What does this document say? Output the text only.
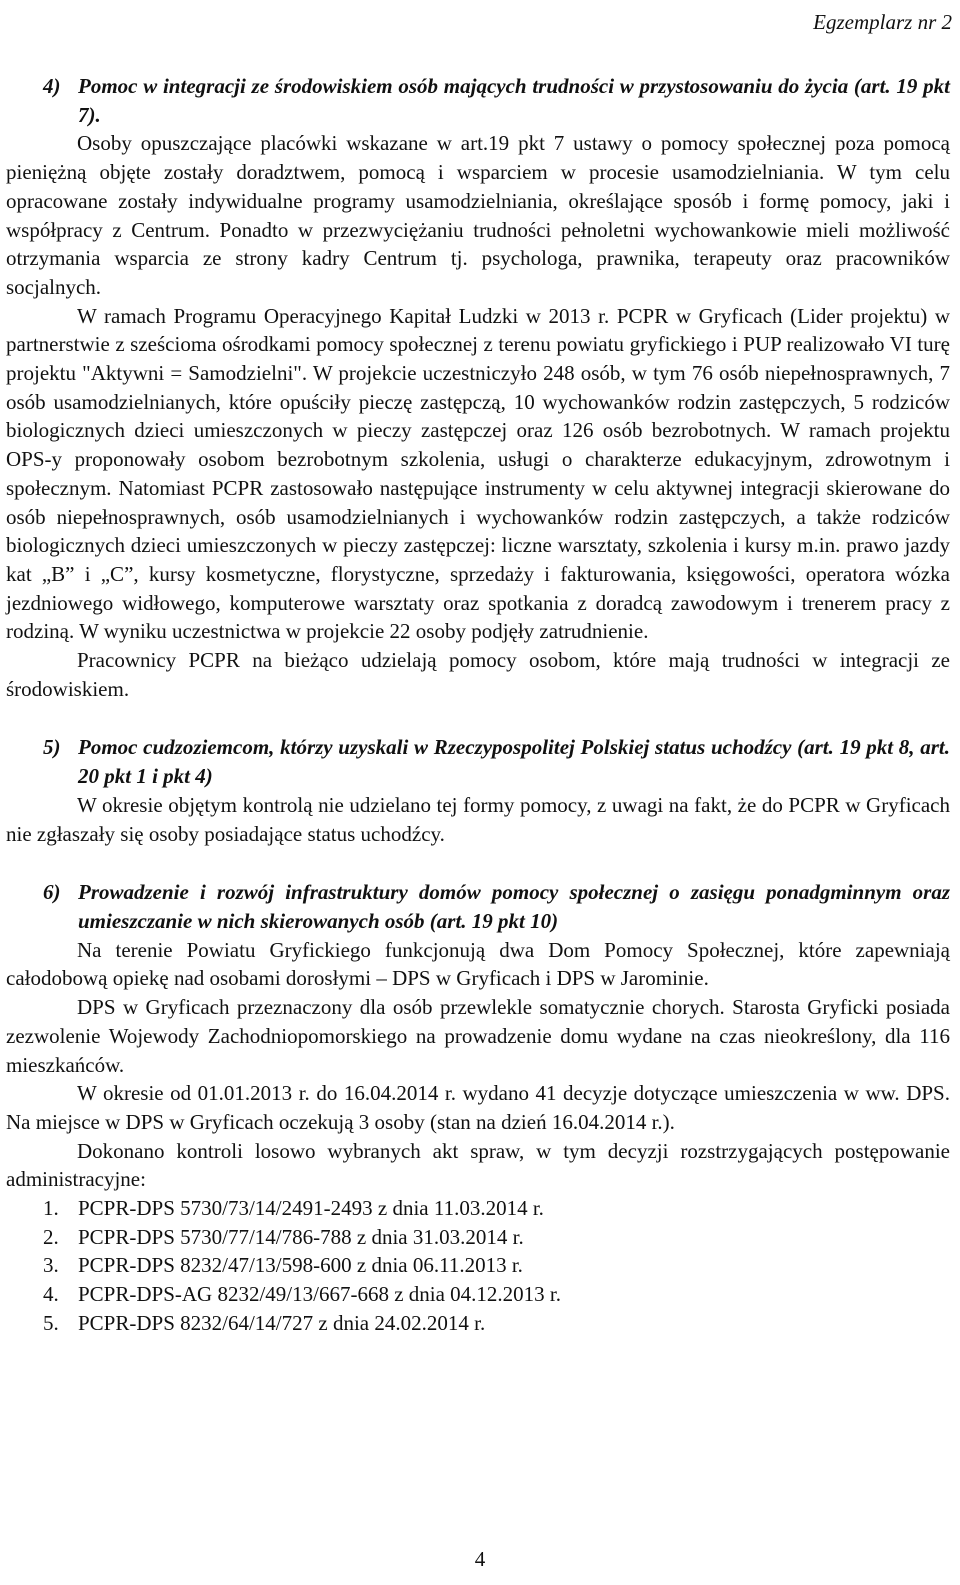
Egzemplarz nr 2

4) Pomoc w integracji ze środowiskiem osób mających trudności w przystosowaniu do życia (art. 19 pkt 7).

Osoby opuszczające placówki wskazane w art.19 pkt 7 ustawy o pomocy społecznej poza pomocą pieniężną objęte zostały doradztwem, pomocą i wsparciem w procesie usamodzielniania. W tym celu opracowane zostały indywidualne programy usamodzielniania, określające sposób i formę pomocy, jaki i współpracy z Centrum. Ponadto w przezwyciężaniu trudności pełnoletni wychowankowie mieli możliwość otrzymania wsparcia ze strony kadry Centrum tj. psychologa, prawnika, terapeuty oraz pracowników socjalnych.

W ramach Programu Operacyjnego Kapitał Ludzki w 2013 r. PCPR w Gryficach (Lider projektu) w partnerstwie z sześcioma ośrodkami pomocy społecznej z terenu powiatu gryfickiego i PUP realizowało VI turę projektu "Aktywni = Samodzielni". W projekcie uczestniczyło 248 osób, w tym 76 osób niepełnosprawnych, 7 osób usamodzielnianych, które opuściły pieczę zastępczą, 10 wychowanków rodzin zastępczych, 5 rodziców biologicznych dzieci umieszczonych w pieczy zastępczej oraz 126 osób bezrobotnych. W ramach projektu OPS-y proponowały osobom bezrobotnym szkolenia, usługi o charakterze edukacyjnym, zdrowotnym i społecznym. Natomiast PCPR zastosowało następujące instrumenty w celu aktywnej integracji skierowane do osób niepełnosprawnych, osób usamodzielnianych i wychowanków rodzin zastępczych, a także rodziców biologicznych dzieci umieszczonych w pieczy zastępczej: liczne warsztaty, szkolenia i kursy m.in. prawo jazdy kat „B” i „C”, kursy kosmetyczne, florystyczne, sprzedaży i fakturowania, księgowości, operatora wózka jezdniowego widłowego, komputerowe warsztaty oraz spotkania z doradcą zawodowym i trenerem pracy z rodziną. W wyniku uczestnictwa w projekcie 22 osoby podjęły zatrudnienie.

Pracownicy PCPR na bieżąco udzielają pomocy osobom, które mają trudności w integracji ze środowiskiem.

5) Pomoc cudzoziemcom, którzy uzyskali w Rzeczypospolitej Polskiej status uchodźcy (art. 19 pkt 8, art. 20 pkt 1 i pkt 4)

W okresie objętym kontrolą nie udzielano tej formy pomocy, z uwagi na fakt, że do PCPR w Gryficach nie zgłaszały się osoby posiadające status uchodźcy.

6) Prowadzenie i rozwój infrastruktury domów pomocy społecznej o zasięgu ponadgminnym oraz umieszczanie w nich skierowanych osób (art. 19 pkt 10)

Na terenie Powiatu Gryfickiego funkcjonują dwa Dom Pomocy Społecznej, które zapewniają całodobową opiekę nad osobami dorosłymi – DPS w Gryficach i DPS w Jarominie.

DPS w Gryficach przeznaczony dla osób przewlekle somatycznie chorych. Starosta Gryficki posiada zezwolenie Wojewody Zachodniopomorskiego na prowadzenie domu wydane na czas nieokreślony, dla 116 mieszkańców.

W okresie od 01.01.2013 r. do 16.04.2014 r. wydano 41 decyzje dotyczące umieszczenia w ww. DPS. Na miejsce w DPS w Gryficach oczekują 3 osoby (stan na dzień 16.04.2014 r.).

Dokonano kontroli losowo wybranych akt spraw, w tym decyzji rozstrzygających postępowanie administracyjne:

1. PCPR-DPS 5730/73/14/2491-2493 z dnia 11.03.2014 r.
2. PCPR-DPS 5730/77/14/786-788 z dnia 31.03.2014 r.
3. PCPR-DPS 8232/47/13/598-600 z dnia 06.11.2013 r.
4. PCPR-DPS-AG 8232/49/13/667-668 z dnia 04.12.2013 r.
5. PCPR-DPS 8232/64/14/727 z dnia 24.02.2014 r.
4
